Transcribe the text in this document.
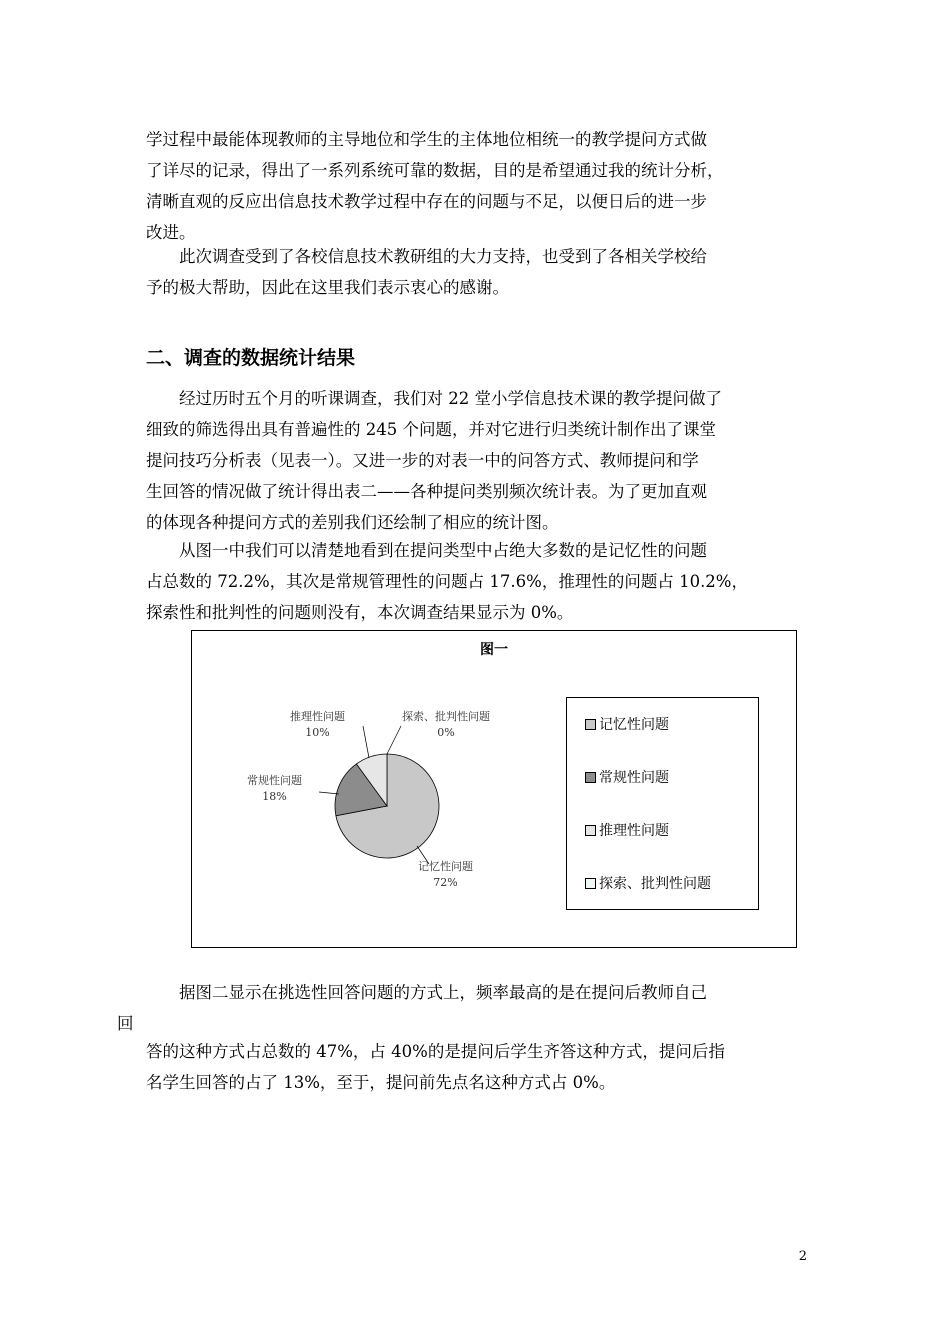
学过程中最能体现教师的主导地位和学生的主体地位相统一的教学提问方式做
了详尽的记录，得出了一系列系统可靠的数据，目的是希望通过我的统计分析，
清晰直观的反应出信息技术教学过程中存在的问题与不足，以便日后的进一步
改进。
此次调查受到了各校信息技术教研组的大力支持，也受到了各相关学校给
予的极大帮助，因此在这里我们表示衷心的感谢。
二、调查的数据统计结果
经过历时五个月的听课调查，我们对 22 堂小学信息技术课的教学提问做了
细致的筛选得出具有普遍性的 245 个问题，并对它进行归类统计制作出了课堂
提问技巧分析表（见表一）。又进一步的对表一中的问答方式、教师提问和学
生回答的情况做了统计得出表二——各种提问类别频次统计表。为了更加直观
的体现各种提问方式的差别我们还绘制了相应的统计图。
从图一中我们可以清楚地看到在提问类型中占绝大多数的是记忆性的问题
占总数的 72.2%，其次是常规管理性的问题占 17.6%，推理性的问题占 10.2%，
探索性和批判性的问题则没有，本次调查结果显示为 0%。
图一
推理性问题
10%
探索、批判性问题
0%
常规性问题
18%
记忆性问题
72%
记忆性问题
常规性问题
推理性问题
探索、批判性问题
据图二显示在挑选性回答问题的方式上，频率最高的是在提问后教师自己
回
答的这种方式占总数的 47%，占 40%的是提问后学生齐答这种方式，提问后指
名学生回答的占了 13%，至于，提问前先点名这种方式占 0%。
2
